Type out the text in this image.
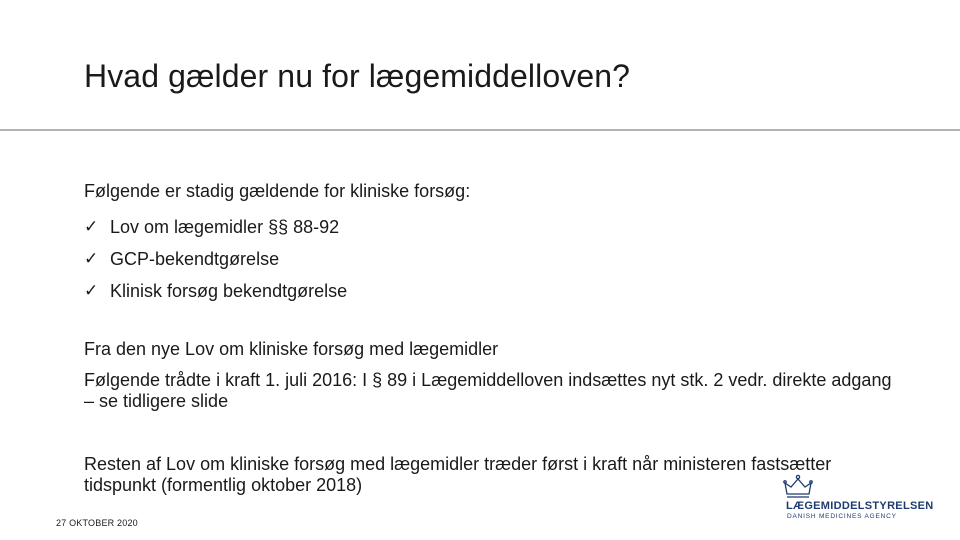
Hvad gælder nu for lægemiddelloven?
Følgende er stadig gældende for kliniske forsøg:
✓ Lov om lægemidler §§ 88-92
✓ GCP-bekendtgørelse
✓ Klinisk forsøg bekendtgørelse

Fra den nye Lov om kliniske forsøg med lægemidler

Følgende trådte i kraft 1. juli 2016: I § 89 i Lægemiddelloven indsættes nyt stk. 2 vedr. direkte adgang – se tidligere slide

Resten af Lov om kliniske forsøg med lægemidler træder først i kraft når ministeren fastsætter tidspunkt (formentlig oktober 2018)

27 OKTOBER 2020
LÆGEMIDDELSTYRELSEN
DANISH MEDICINES AGENCY
